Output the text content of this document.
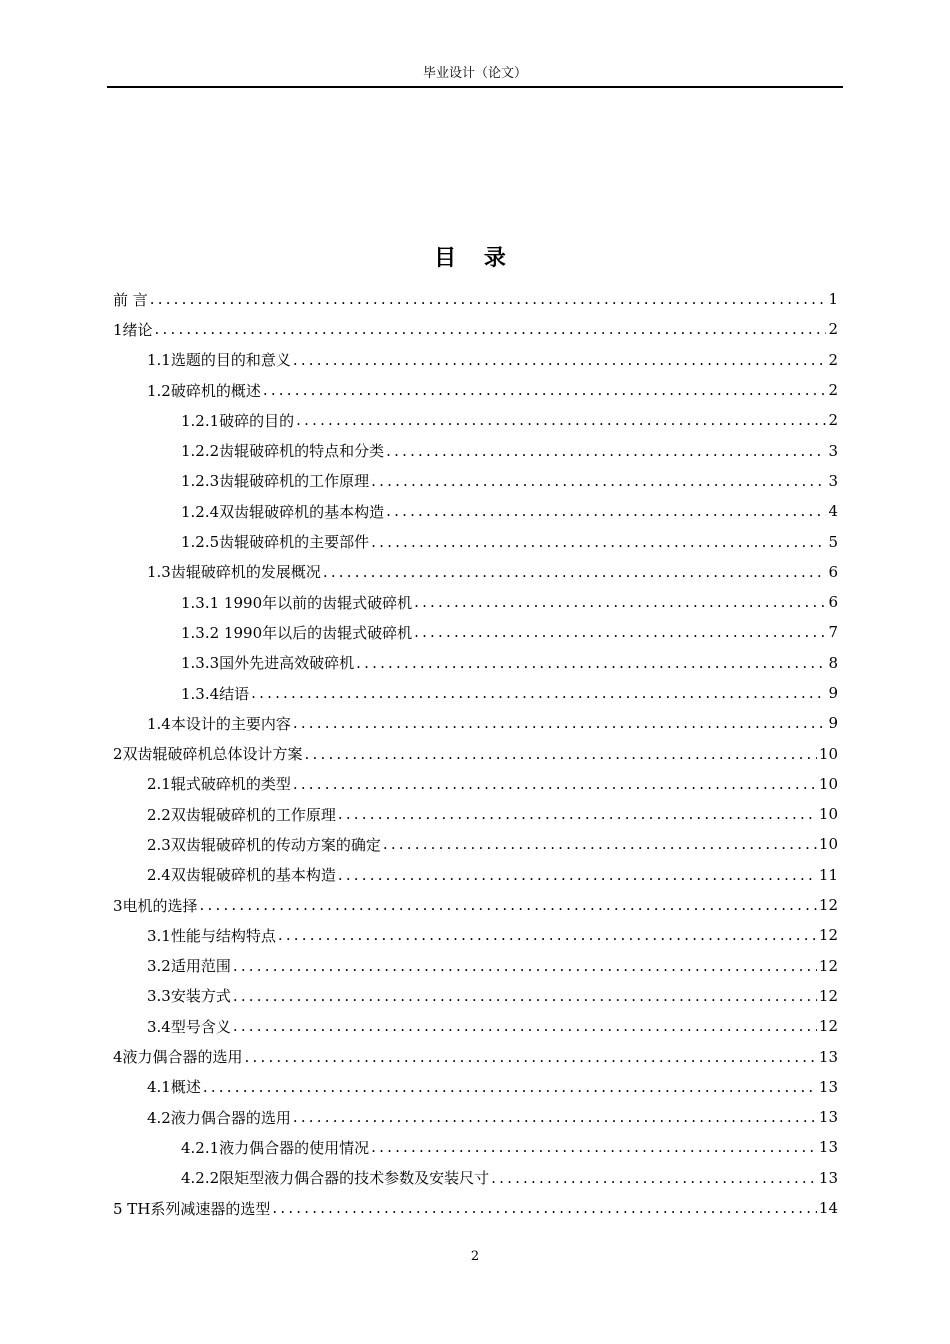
毕业设计（论文）
目 录
前 言 .....	1
1绪论 .....	2
1.1选题的目的和意义 .....	2
1.2破碎机的概述 .....	2
1.2.1破碎的目的 .....	2
1.2.2齿辊破碎机的特点和分类 .....	3
1.2.3齿辊破碎机的工作原理 .....	3
1.2.4双齿辊破碎机的基本构造 .....	4
1.2.5齿辊破碎机的主要部件 .....	5
1.3齿辊破碎机的发展概况 .....	6
1.3.1 1990年以前的齿辊式破碎机 .....	6
1.3.2 1990年以后的齿辊式破碎机 .....	7
1.3.3国外先进高效破碎机 .....	8
1.3.4结语 .....	9
1.4本设计的主要内容 .....	9
2双齿辊破碎机总体设计方案 .....	10
2.1辊式破碎机的类型 .....	10
2.2双齿辊破碎机的工作原理 .....	10
2.3双齿辊破碎机的传动方案的确定 .....	10
2.4双齿辊破碎机的基本构造 .....	11
3电机的选择 .....	12
3.1性能与结构特点 .....	12
3.2适用范围 .....	12
3.3安装方式 .....	12
3.4型号含义 .....	12
4液力偶合器的选用 .....	13
4.1概述 .....	13
4.2液力偶合器的选用 .....	13
4.2.1液力偶合器的使用情况 .....	13
4.2.2限矩型液力偶合器的技术参数及安装尺寸 .....	13
5 TH系列减速器的选型 .....	14
2
